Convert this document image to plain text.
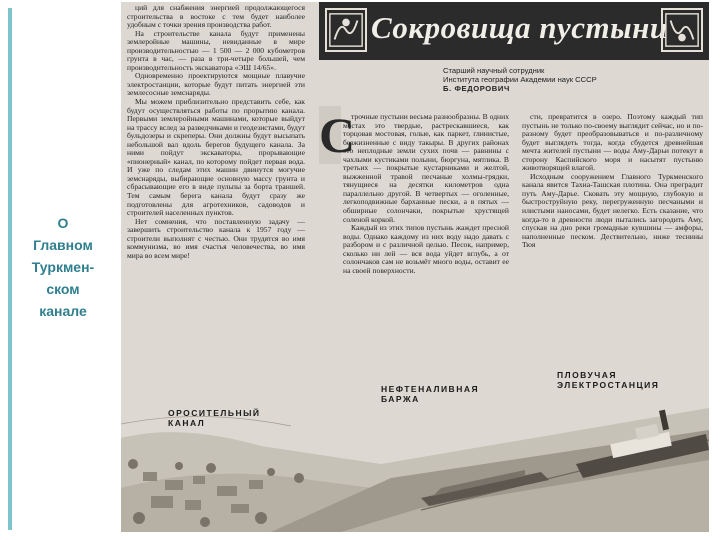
О
Главном
Туркмен-
ском
канале

ций для снабжения энергией продолжающегося строительства в востоке с тем будет наиболее удобным с точки зрения производства работ.

На строительстве канала будут применены землеройные машины, невиданные в мире производительностью — 1 500 — 2 000 кубометров грунта в час, — раза в три-четыре большей, чем производительность экскаватора «ЭШ 14/65».

Одновременно проектируются мощные плавучие электростанции, которые будут питать энергией эти землесосные земснаряды.

Мы можем приблизительно представить себе, как будут осуществляться работы по прорытию канала. Первыми землеройными машинами, которые выйдут на трассу вслед за разведчиками и геодезистами, будут бульдозеры и скреперы. Они должны будут высыпать небольшой вал вдоль берегов будущего канала. За ними пойдут экскаваторы, прорывающие «пионерный» канал, по которому пойдет первая вода. И уже по следам этих машин двинутся могучие земснаряды, выбирающие основную массу грунта и сбрасывающие его в виде пульпы за борта траншей. Тем самым берега канала будут сразу же подготовлены для агротехников, садоводов и строителей населенных пунктов.

Нет сомнения, что поставленную задачу — завершить строительство канала к 1957 году — строители выполнят с честью. Они трудятся во имя коммунизма, во имя счастья человечества, во имя мира во всем мире!

Сокровища пустыни
Старший научный сотрудник
Института географии Академии наук СССР
Б. ФЕДОРОВИЧ
С

трочные пустыни весьма разнообразны. В одних местах это твердые, растрескавшиеся, как торцовая мостовая, голые, как паркет, глинистые, безжизненные с виду такыры. В других районах это неплодные земли сухих почв — равнины с чахлыми кустиками полыни, бюргуна, мятлика. В третьих — покрытые кустарниками и желтой, выжженной травой песчаные холмы-грядки, тянущиеся на десятки километров одна параллельно другой. В четвертых — оголенные, легкоподвижные барханные пески, а в пятых — обширные солончаки, покрытые хрустящей соленой коркой.

Каждый из этих типов пустынь жаждет пресной воды. Однако каждому из них воду надо давать с разбором и с различной целью. Песок, например, сколько ни лей — вся вода уйдет вглубь, а от солончаков сам не возьмёт много воды, оставит ее на своей поверхности.

сти, превратится в озеро. Поэтому каждый тип пустынь не только по-своему выглядит сейчас, но и по-разному будет преобразовываться и по-различному будет выглядеть тогда, когда сбудется древнейшая мечта жителей пустыни — воды Аму-Дарьи потекут в сторону Каспийского моря и насытят пустыню животворящей влагой.

Исходным сооружением Главного Туркменского канала явится Тахиа-Ташская плотина. Она преградит путь Аму-Дарье. Сковать эту мощную, глубокую и быстроструйную реку, перегруженную песчаными и илистыми наносами, будет нелегко. Есть сказание, что когда-то в древности люди пытались загородить Аму, спуская на дно реки громадные кувшины — амфоры, наполненные песком. Дествительно, ниже теснины Тюя

ОРОСИТЕЛЬНЫЙ
КАНАЛ
НЕФТЕНАЛИВНАЯ
БАРЖА
ПЛОВУЧАЯ
ЭЛЕКТРОСТАНЦИЯ
